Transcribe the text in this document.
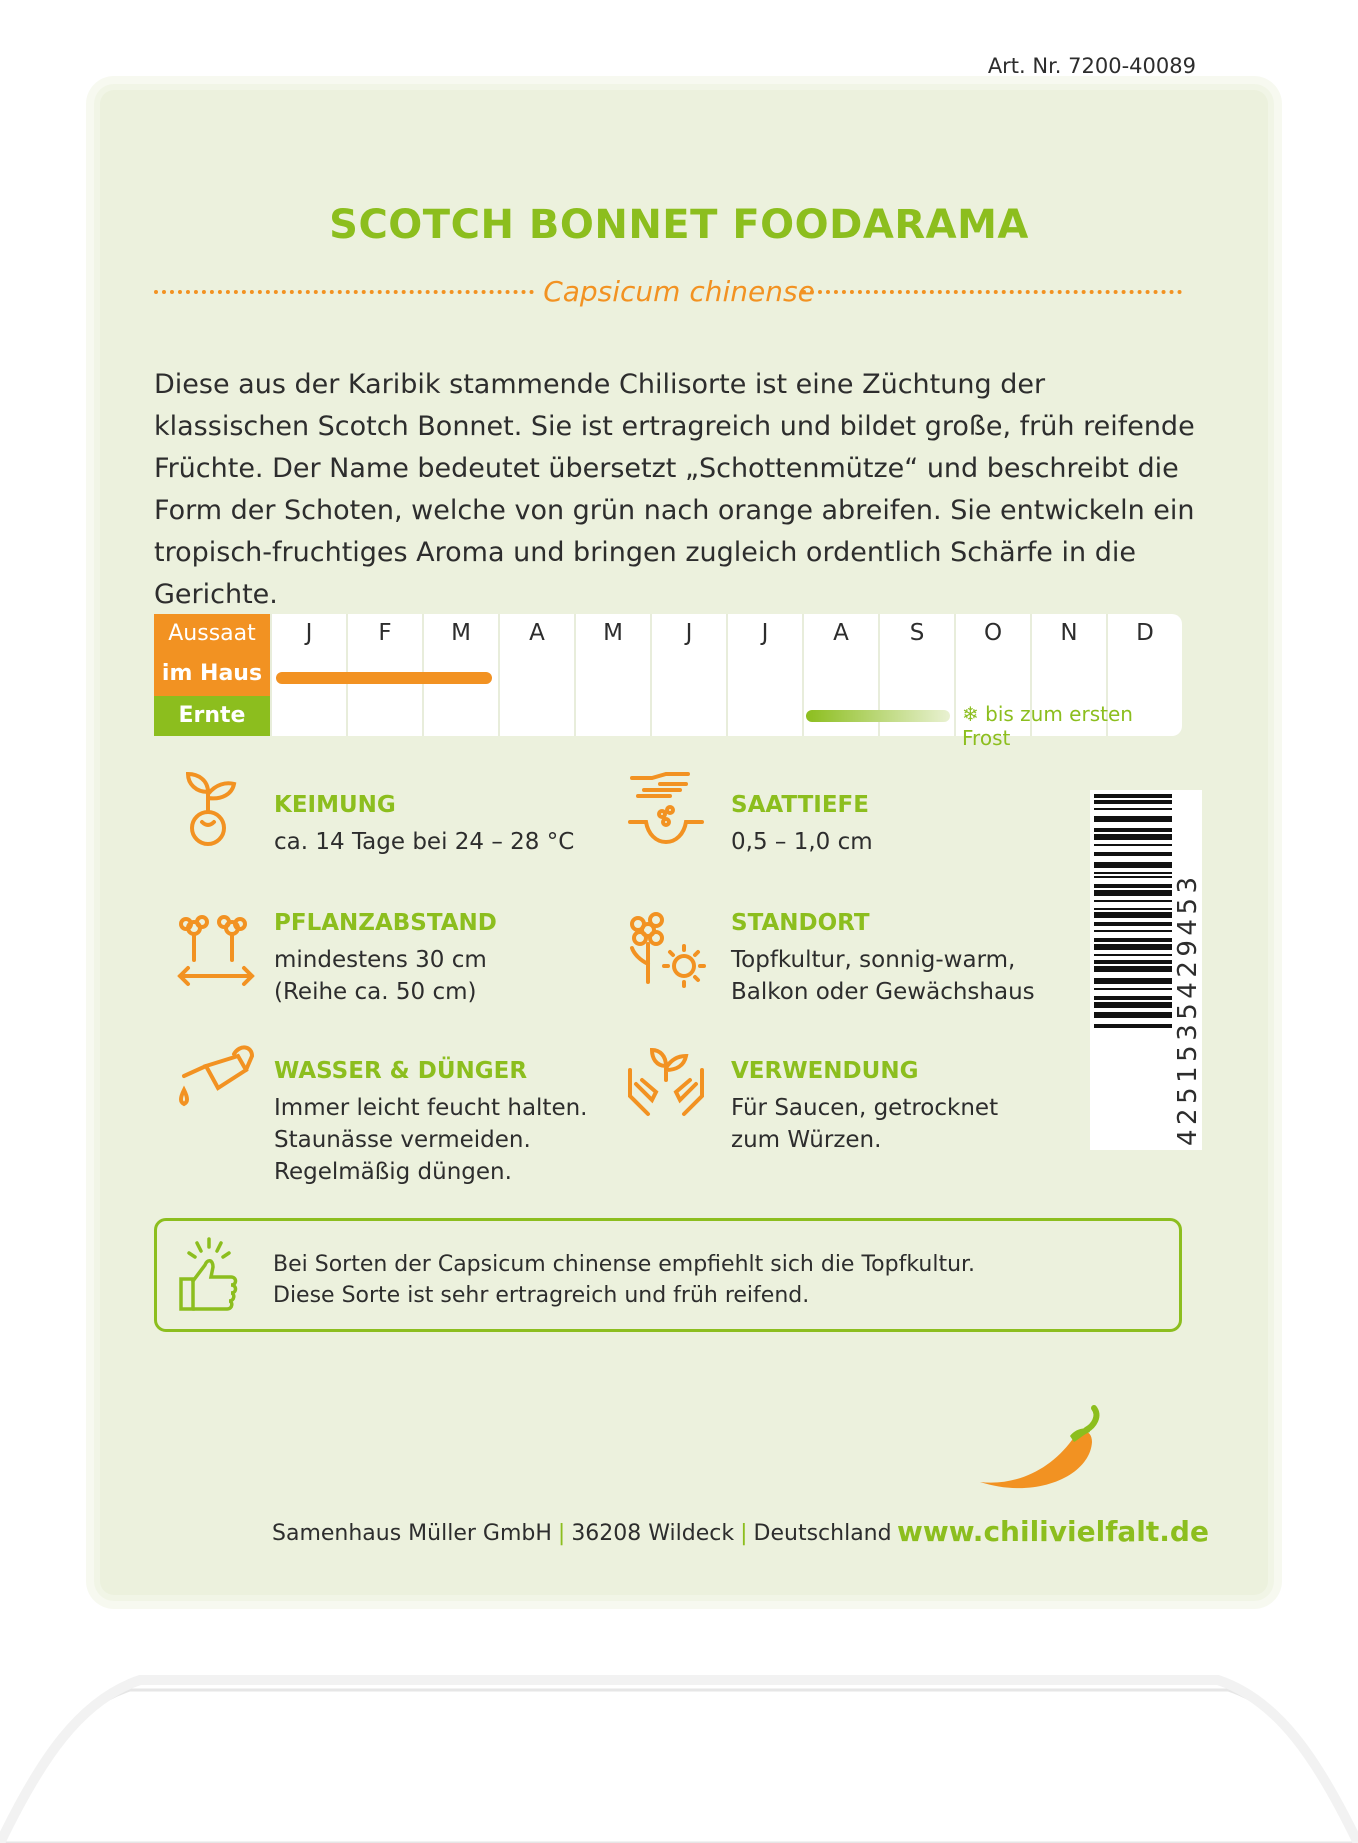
Art. Nr. 7200-40089
SCOTCH BONNET FOODARAMA
Capsicum chinense
Diese aus der Karibik stammende Chilisorte ist eine Züchtung der klassischen Scotch Bonnet. Sie ist ertragreich und bildet große, früh reifende Früchte. Der Name bedeutet übersetzt „Schottenmütze“ und beschreibt die Form der Schoten, welche von grün nach orange abreifen. Sie entwickeln ein tropisch-fruchtiges Aroma und bringen zugleich ordentlich Schärfe in die Gerichte.
Aussaat
im Haus
Ernte
J	F	M	A	M	J	J	A	S	O	N	D
❄ bis zum ersten Frost
KEIMUNG
ca. 14 Tage bei 24 – 28 °C
SAATTIEFE
0,5 – 1,0 cm
PFLANZABSTAND
mindestens 30 cm
(Reihe ca. 50 cm)
STANDORT
Topfkultur, sonnig-warm,
Balkon oder Gewächshaus
WASSER & DÜNGER
Immer leicht feucht halten.
Staunässe vermeiden.
Regelmäßig düngen.
VERWENDUNG
Für Saucen, getrocknet
zum Würzen.	4251535429453
Bei Sorten der Capsicum chinense empfiehlt sich die Topfkultur.
Diese Sorte ist sehr ertragreich und früh reifend.
Samenhaus Müller GmbH | 36208 Wildeck | Deutschland www.chilivielfalt.de
